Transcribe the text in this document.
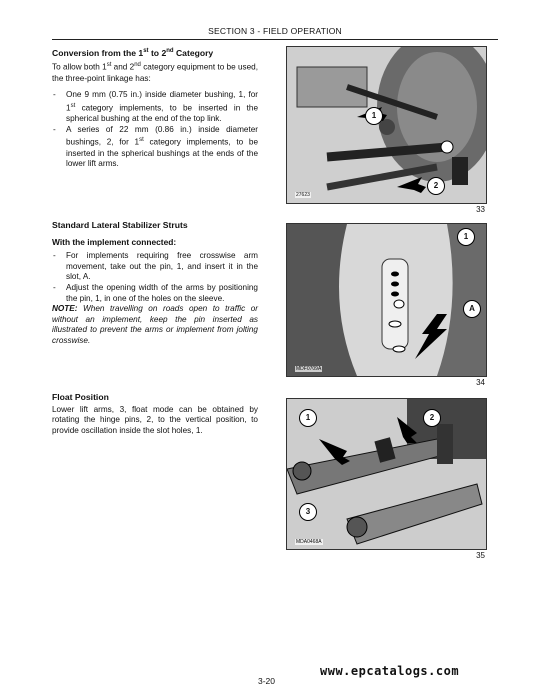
SECTION 3 - FIELD OPERATION

Conversion from the 1st to 2nd Category

To allow both 1st and 2nd category equipment to be used, the three-point linkage has:

- One 9 mm (0.75 in.) inside diameter bushing, 1, for 1st category implements, to be inserted in the spherical bushing at the end of the top link.
- A series of 22 mm (0.86 in.) inside diameter bushings, 2, for 1st category implements, to be inserted in the spherical bushings at the ends of the lower lift arms.

Standard Lateral Stabilizer Struts

With the implement connected:

- For implements requiring free crosswise arm movement, take out the pin, 1, and insert it in the slot, A.
- Adjust the opening width of the arms by positioning the pin, 1, in one of the holes on the sleeve.

NOTE: When travelling on roads open to traffic or without an implement, keep the pin inserted as illustrated to prevent the arms or implement from jolting crosswise.

Float Position

Lower lift arms, 3, float mode can be obtained by rotating the hinge pins, 2, to the vertical position, to provide oscillation inside the slot holes, 1.

1
2
27623
33
1
A
MDF0709A
34
1	2
3
MDA0468A
35
www.epcatalogs.com
3-20
